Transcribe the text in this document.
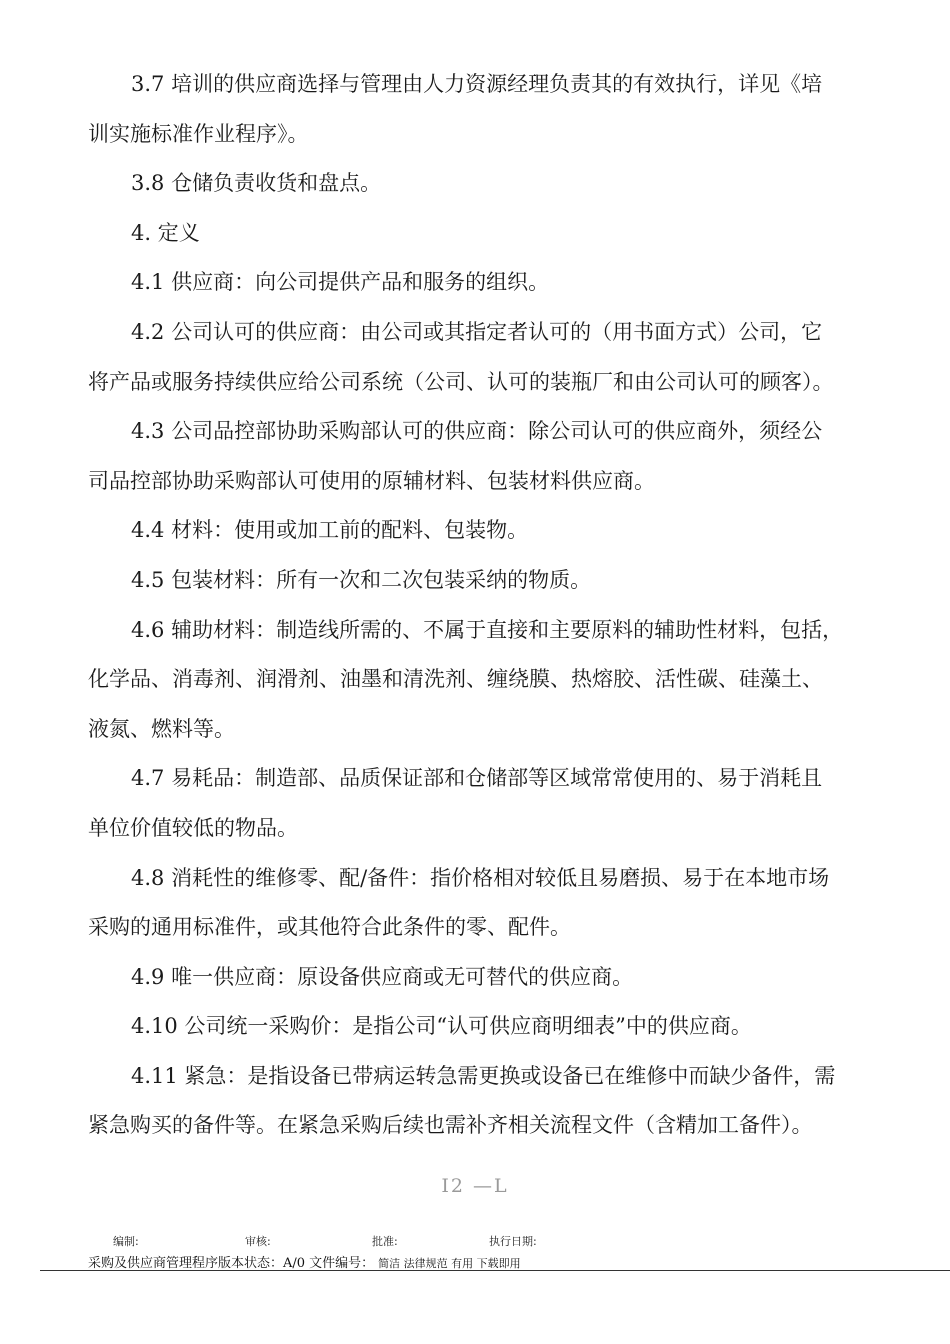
3.7 培训的供应商选择与管理由人力资源经理负责其的有效执行，详见《培

训实施标准作业程序》。

3.8 仓储负责收货和盘点。

4. 定义

4.1 供应商：向公司提供产品和服务的组织。

4.2 公司认可的供应商：由公司或其指定者认可的（用书面方式）公司，它

将产品或服务持续供应给公司系统（公司、认可的装瓶厂和由公司认可的顾客）。

4.3 公司品控部协助采购部认可的供应商：除公司认可的供应商外，须经公

司品控部协助采购部认可使用的原辅材料、包装材料供应商。

4.4 材料：使用或加工前的配料、包装物。

4.5 包装材料：所有一次和二次包装采纳的物质。

4.6 辅助材料：制造线所需的、不属于直接和主要原料的辅助性材料，包括，

化学品、消毒剂、润滑剂、油墨和清洗剂、缠绕膜、热熔胶、活性碳、硅藻土、

液氮、燃料等。

4.7 易耗品：制造部、品质保证部和仓储部等区域常常使用的、易于消耗且

单位价值较低的物品。

4.8 消耗性的维修零、配/备件：指价格相对较低且易磨损、易于在本地市场

采购的通用标准件，或其他符合此条件的零、配件。

4.9 唯一供应商：原设备供应商或无可替代的供应商。

4.10 公司统一采购价：是指公司“认可供应商明细表”中的供应商。

4.11 紧急：是指设备已带病运转急需更换或设备已在维修中而缺少备件，需

紧急购买的备件等。在紧急采购后续也需补齐相关流程文件（含精加工备件）。

I2 —L
编制:	审核:	批准:	执行日期:
采购及供应商管理程序版本状态：A/0 文件编号： 简洁 法律规范 有用 下载即用
